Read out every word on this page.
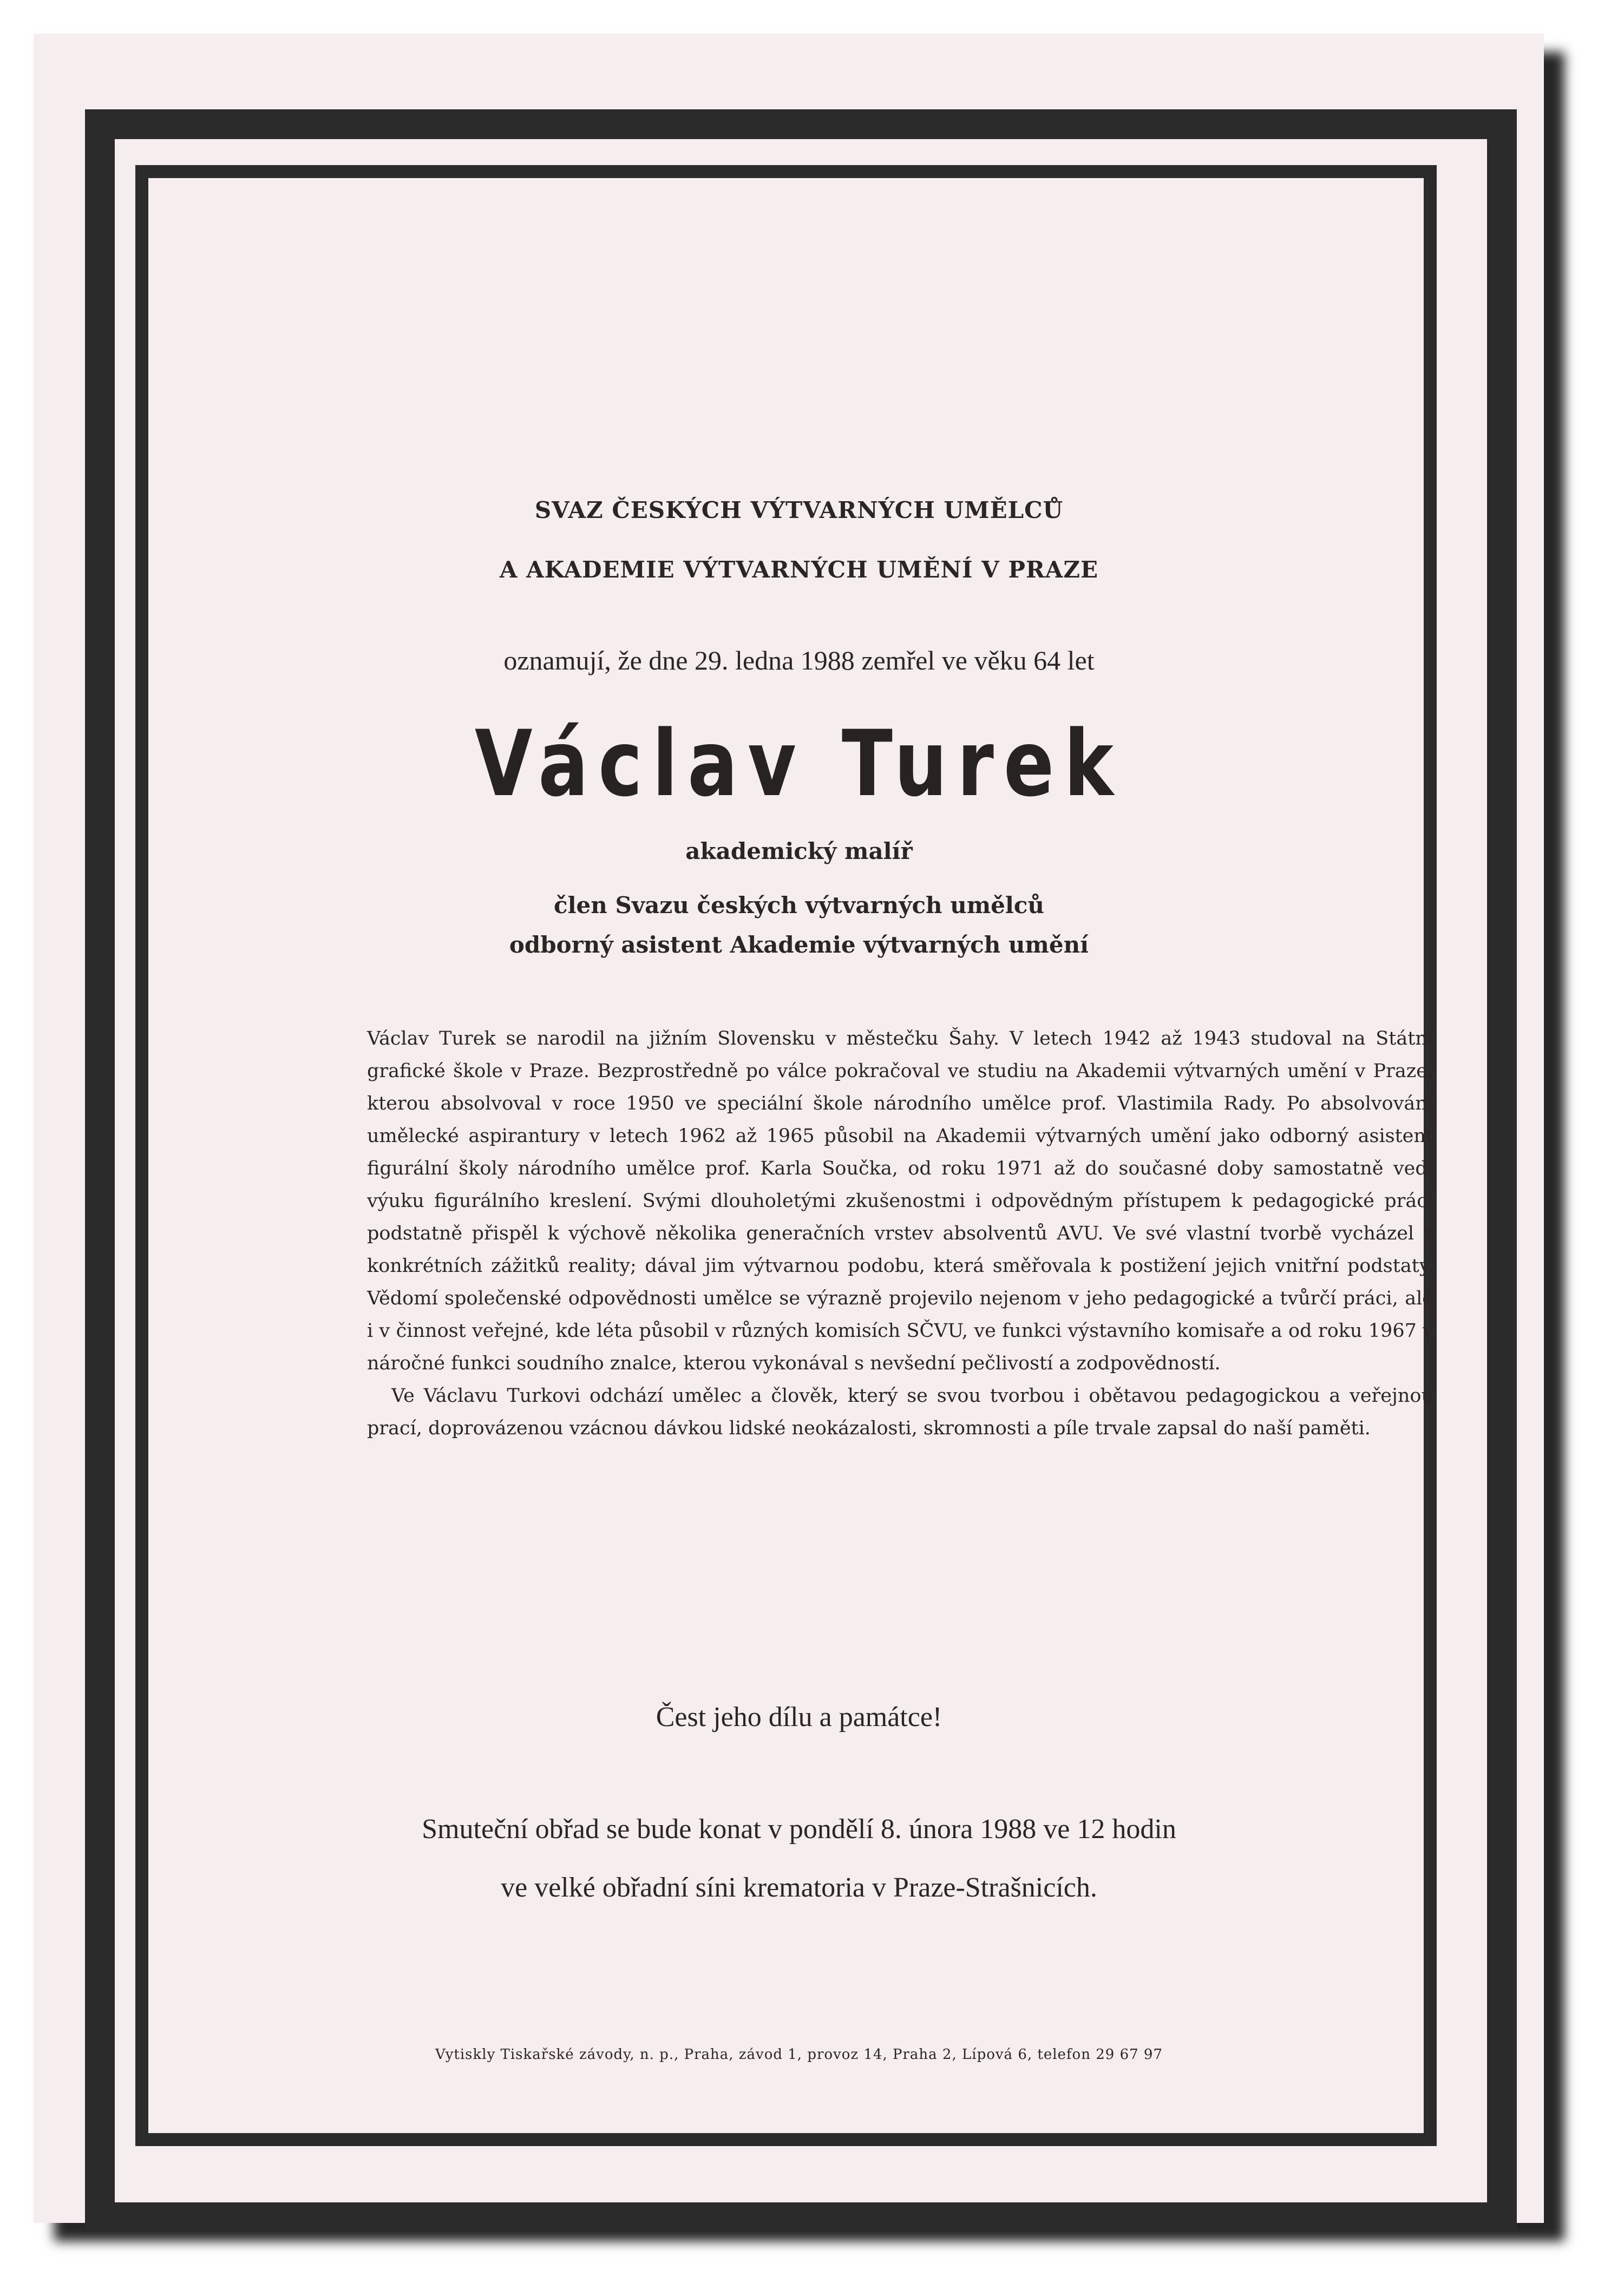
SVAZ ČESKÝCH VÝTVARNÝCH UMĚLCŮ
A AKADEMIE VÝTVARNÝCH UMĚNÍ V PRAZE
oznamují, že dne 29. ledna 1988 zemřel ve věku 64 let
Václav Turek
akademický malíř
člen Svazu českých výtvarných umělců
odborný asistent Akademie výtvarných umění

Václav Turek se narodil na jižním Slovensku v městečku Šahy. V letech 1942 až 1943 studoval na Státní grafické škole v Praze. Bezprostředně po válce pokračoval ve studiu na Akademii výtvarných umění v Praze, kterou absolvoval v roce 1950 ve speciální škole národního umělce prof. Vlastimila Rady. Po absolvování umělecké aspirantury v letech 1962 až 1965 působil na Akademii výtvarných umění jako odborný asistent figurální školy národního umělce prof. Karla Součka, od roku 1971 až do současné doby samostatně vedl výuku figurálního kreslení. Svými dlouholetými zkušenostmi i odpovědným přístupem k pedagogické práci podstatně přispěl k výchově několika generačních vrstev absolventů AVU. Ve své vlastní tvorbě vycházel z konkrétních zážitků reality; dával jim výtvarnou podobu, která směřovala k postižení jejich vnitřní podstaty. Vědomí společenské odpovědnosti umělce se výrazně projevilo nejenom v jeho pedagogické a tvůrčí práci, ale i v činnost veřejné, kde léta působil v různých komisích SČVU, ve funkci výstavního komisaře a od roku 1967 v náročné funkci soudního znalce, kterou vykonával s nevšední pečlivostí a zodpovědností.

Ve Václavu Turkovi odchází umělec a člověk, který se svou tvorbou i obětavou pedagogickou a veřejnou prací, doprovázenou vzácnou dávkou lidské neokázalosti, skromnosti a píle trvale zapsal do naší paměti.

Čest jeho dílu a památce!
Smuteční obřad se bude konat v pondělí 8. února 1988 ve 12 hodin
ve velké obřadní síni krematoria v Praze-Strašnicích.
Vytiskly Tiskařské závody, n. p., Praha, závod 1, provoz 14, Praha 2, Lípová 6, telefon 29 67 97
